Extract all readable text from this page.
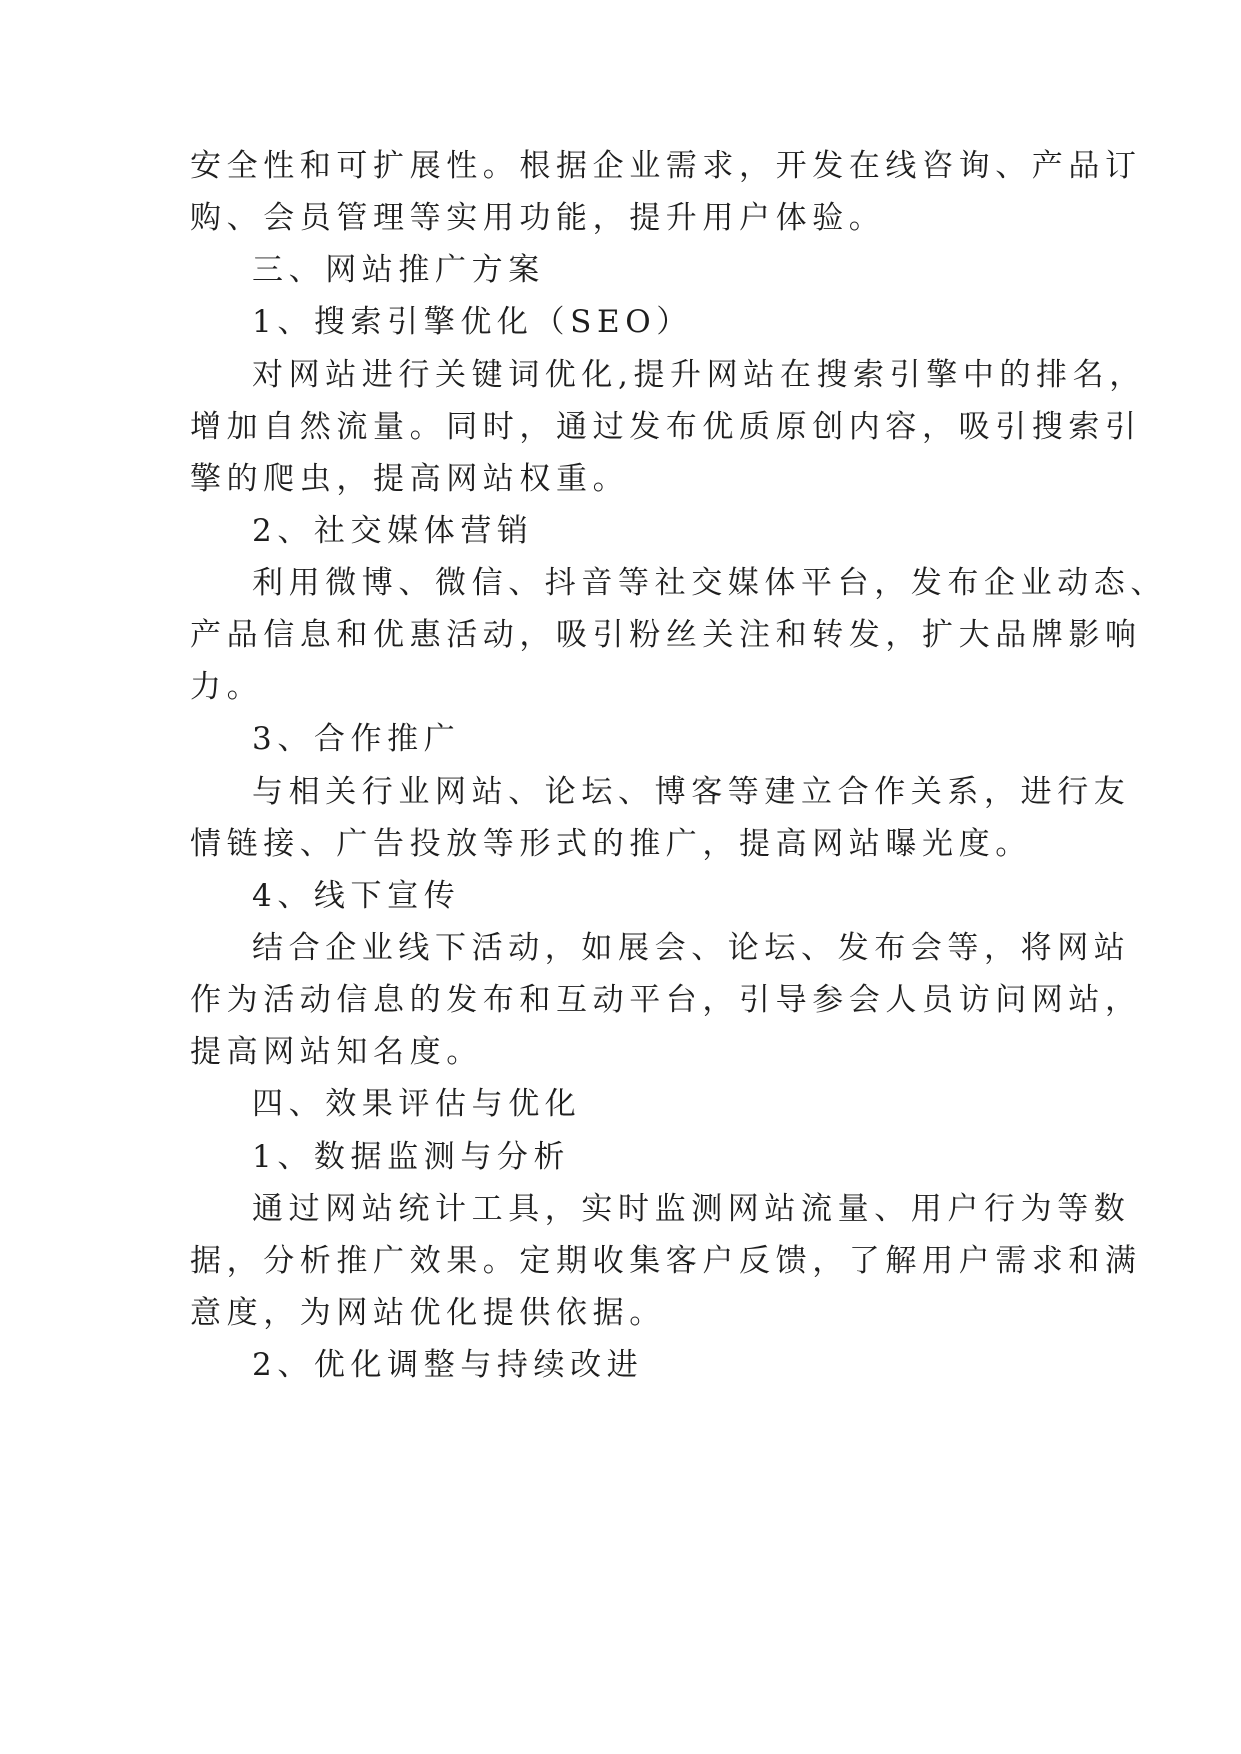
安全性和可扩展性。根据企业需求，开发在线咨询、产品订
购、会员管理等实用功能，提升用户体验。
三、网站推广方案
1、搜索引擎优化（SEO）
对网站进行关键词优化,提升网站在搜索引擎中的排名，
增加自然流量。同时，通过发布优质原创内容，吸引搜索引
擎的爬虫，提高网站权重。
2、社交媒体营销
利用微博、微信、抖音等社交媒体平台，发布企业动态、
产品信息和优惠活动，吸引粉丝关注和转发，扩大品牌影响
力。
3、合作推广
与相关行业网站、论坛、博客等建立合作关系，进行友
情链接、广告投放等形式的推广，提高网站曝光度。
4、线下宣传
结合企业线下活动，如展会、论坛、发布会等，将网站
作为活动信息的发布和互动平台，引导参会人员访问网站，
提高网站知名度。
四、效果评估与优化
1、数据监测与分析
通过网站统计工具，实时监测网站流量、用户行为等数
据，分析推广效果。定期收集客户反馈，了解用户需求和满
意度，为网站优化提供依据。
2、优化调整与持续改进
